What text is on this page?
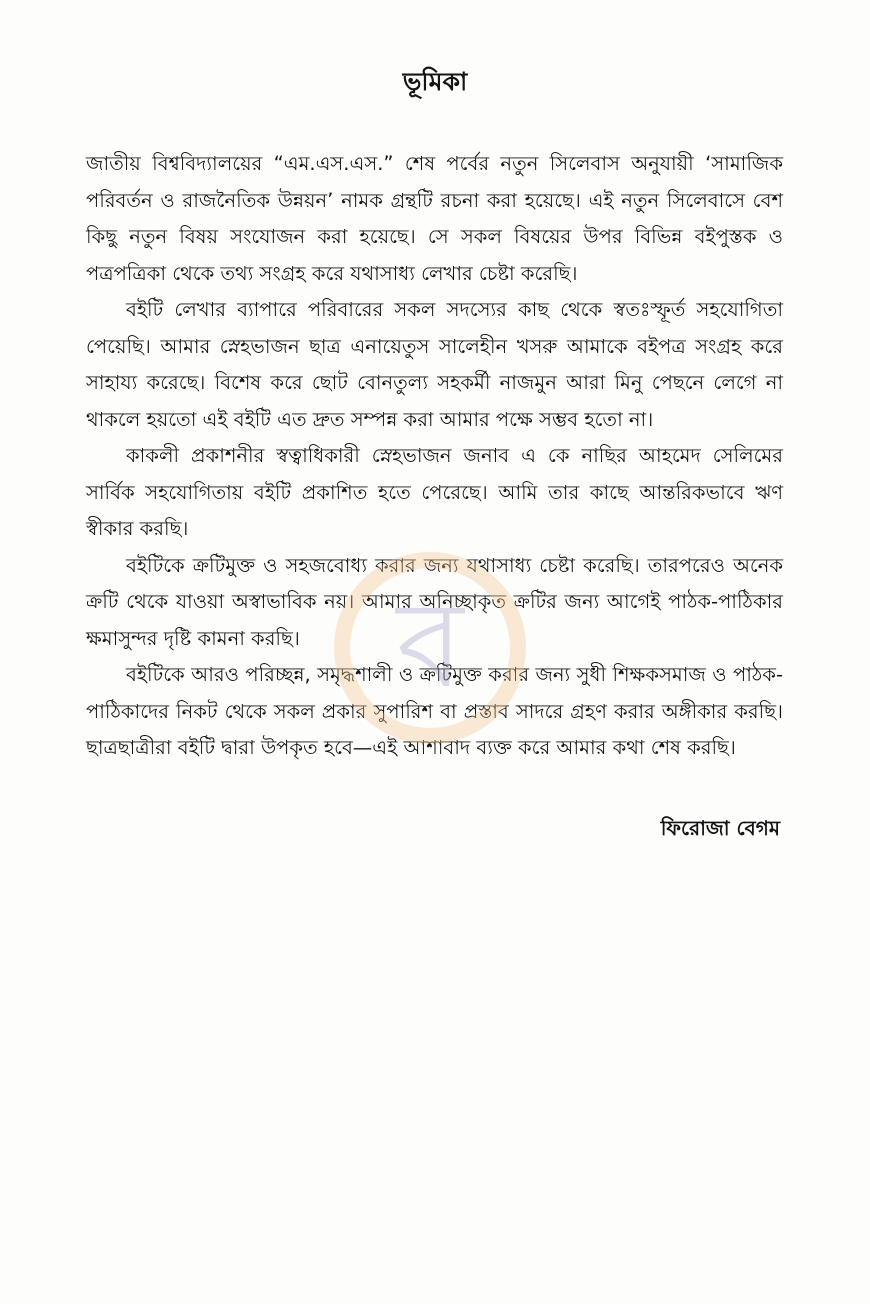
ভূমিকা

জাতীয় বিশ্ববিদ্যালয়ের “এম.এস.এস.” শেষ পর্বের নতুন সিলেবাস অনুযায়ী ‘সামাজিক পরিবর্তন ও রাজনৈতিক উন্নয়ন’ নামক গ্রন্থটি রচনা করা হয়েছে। এই নতুন সিলেবাসে বেশ কিছু নতুন বিষয় সংযোজন করা হয়েছে। সে সকল বিষয়ের উপর বিভিন্ন বইপুস্তক ও পত্রপত্রিকা থেকে তথ্য সংগ্রহ করে যথাসাধ্য লেখার চেষ্টা করেছি।

বইটি লেখার ব্যাপারে পরিবারের সকল সদস্যের কাছ থেকে স্বতঃস্ফূর্ত সহযোগিতা পেয়েছি। আমার স্নেহভাজন ছাত্র এনায়েতুস সালেহীন খসরু আমাকে বইপত্র সংগ্রহ করে সাহায্য করেছে। বিশেষ করে ছোট বোনতুল্য সহকর্মী নাজমুন আরা মিনু পেছনে লেগে না থাকলে হয়তো এই বইটি এত দ্রুত সম্পন্ন করা আমার পক্ষে সম্ভব হতো না।

কাকলী প্রকাশনীর স্বত্বাধিকারী স্নেহভাজন জনাব এ কে নাছির আহমেদ সেলিমের সার্বিক সহযোগিতায় বইটি প্রকাশিত হতে পেরেছে। আমি তার কাছে আন্তরিকভাবে ঋণ স্বীকার করছি।

বইটিকে ক্রটিমুক্ত ও সহজবোধ্য করার জন্য যথাসাধ্য চেষ্টা করেছি। তারপরেও অনেক ক্রটি থেকে যাওয়া অস্বাভাবিক নয়। আমার অনিচ্ছাকৃত ক্রটির জন্য আগেই পাঠক-পাঠিকার ক্ষমাসুন্দর দৃষ্টি কামনা করছি।

বইটিকে আরও পরিচ্ছন্ন, সমৃদ্ধশালী ও ক্রটিমুক্ত করার জন্য সুধী শিক্ষকসমাজ ও পাঠক-পাঠিকাদের নিকট থেকে সকল প্রকার সুপারিশ বা প্রস্তাব সাদরে গ্রহণ করার অঙ্গীকার করছি। ছাত্রছাত্রীরা বইটি দ্বারা উপকৃত হবে—এই আশাবাদ ব্যক্ত করে আমার কথা শেষ করছি।

ফিরোজা বেগম
ব
